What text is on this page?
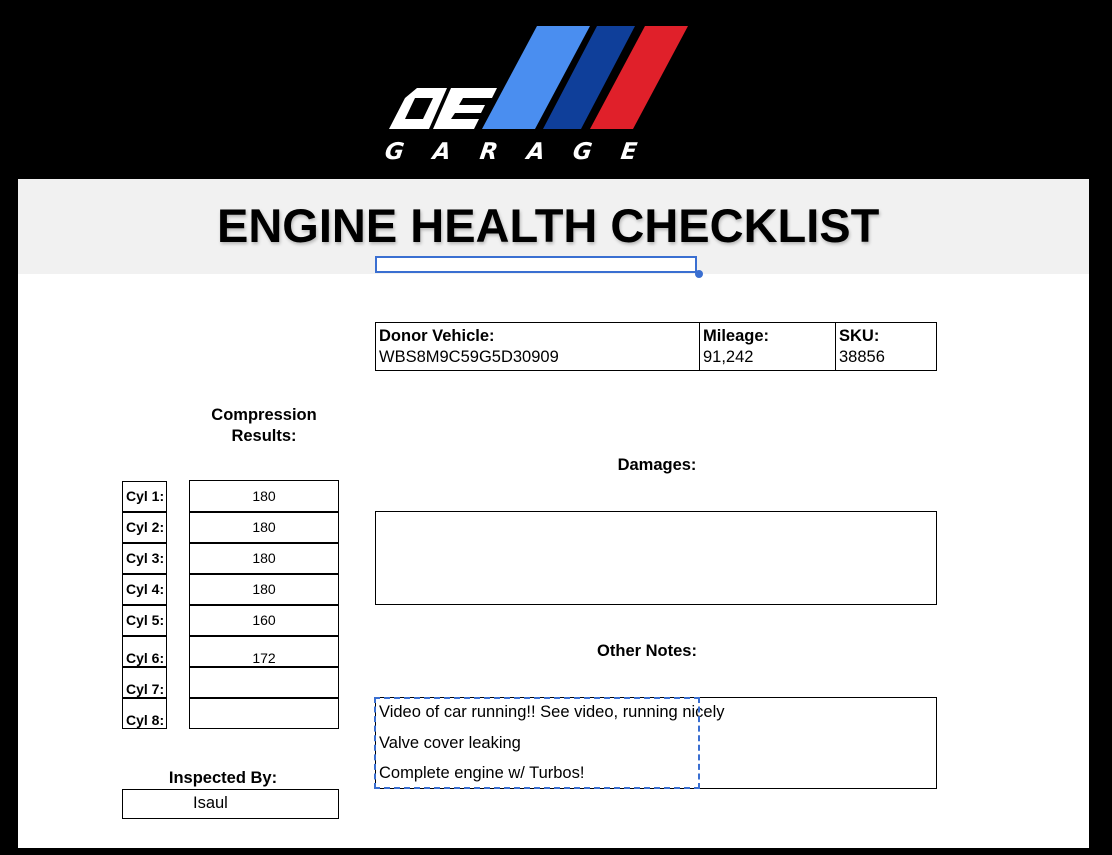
G A R A G E
ENGINE HEALTH CHECKLIST
Donor Vehicle:
WBS8M9C59G5D30909
Mileage:
91,242
SKU:
38856
Compression
Results:
Cyl 1:	180
Cyl 2:	180
Cyl 3:	180
Cyl 4:	180
Cyl 5:	160
Cyl 6:	172
Cyl 7:
Cyl 8:
Damages:
Other Notes:
Video of car running!! See video, running nicely
Valve cover leaking
Complete engine w/ Turbos!
Inspected By:
Isaul
